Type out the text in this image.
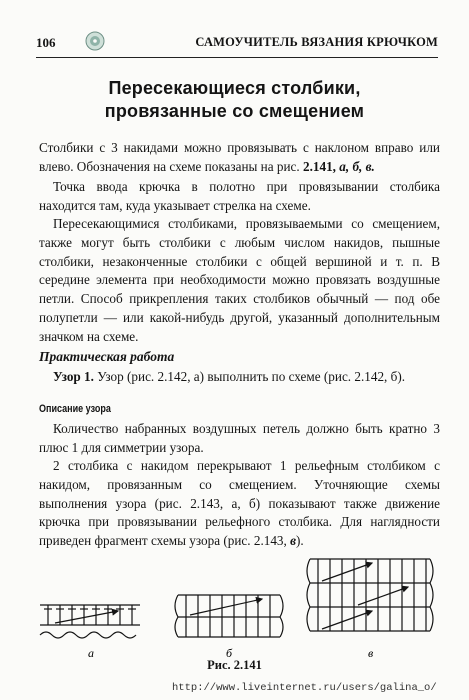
106	САМОУЧИТЕЛЬ ВЯЗАНИЯ КРЮЧКОМ
Пересекающиеся столбики,
провязанные со смещением

Столбики с 3 накидами можно провязывать с наклоном вправо или влево. Обозначения на схеме показаны на рис. 2.141, а, б, в.

Точка ввода крючка в полотно при провязывании столбика находится там, куда указывает стрелка на схеме.

Пересекающимися столбиками, провязываемыми со смещением, также могут быть столбики с любым числом накидов, пышные столбики, незаконченные столбики с общей вершиной и т. п. В середине элемента при необходимости можно провязать воздушные петли. Способ прикрепления таких столбиков обычный — под обе полупетли — или какой-нибудь другой, указанный дополнительным значком на схеме.

Практическая работа

Узор 1. Узор (рис. 2.142, а) выполнить по схеме (рис. 2.142, б).

Описание узора

Количество набранных воздушных петель должно быть кратно 3 плюс 1 для симметрии узора.

2 столбика с накидом перекрывают 1 рельефным столбиком с накидом, провязанным со смещением. Уточняющие схемы выполнения узора (рис. 2.143, а, б) показывают также движение крючка при провязывании рельефного столбика. Для наглядности приведен фрагмент схемы узора (рис. 2.143, в).

а	б	в
Рис. 2.141
http://www.liveinternet.ru/users/galina_o/
